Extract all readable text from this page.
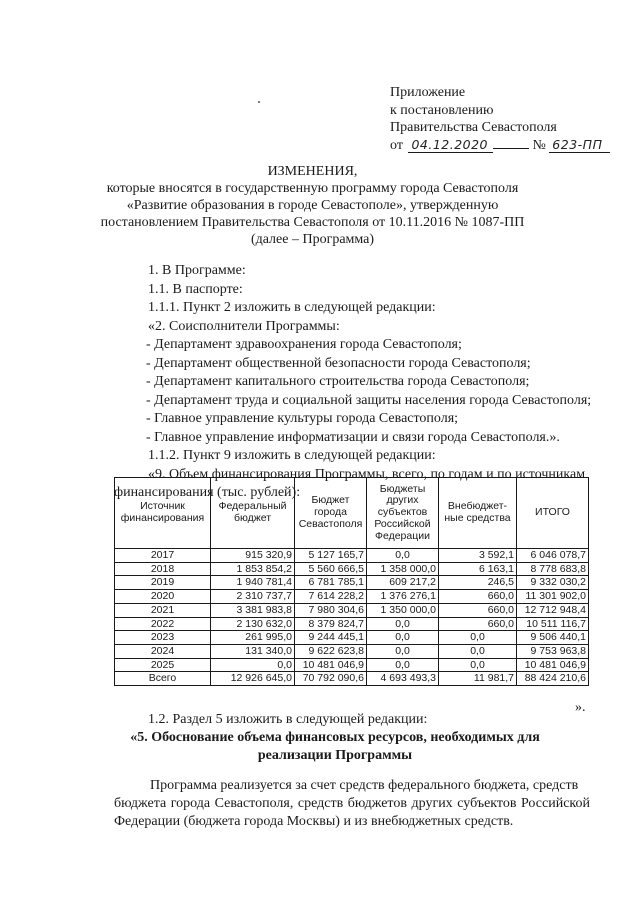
Приложение
к постановлению
Правительства Севастополя
от 04.12.2020	№ 623-ПП
ИЗМЕНЕНИЯ,
которые вносятся в государственную программу города Севастополя
«Развитие образования в городе Севастополе», утвержденную
постановлением Правительства Севастополя от 10.11.2016 № 1087-ПП
(далее – Программа)
1. В Программе:
1.1. В паспорте:
1.1.1. Пункт 2 изложить в следующей редакции:
«2. Соисполнители Программы:
- Департамент здравоохранения города Севастополя;
- Департамент общественной безопасности города Севастополя;
- Департамент капитального строительства города Севастополя;
- Департамент труда и социальной защиты населения города Севастополя;
- Главное управление культуры города Севастополя;
- Главное управление информатизации и связи города Севастополя.».
1.1.2. Пункт 9 изложить в следующей редакции:
«9. Объем финансирования Программы, всего, по годам и по источникам
финансирования (тыс. рублей):
Источник финансирования	Федеральный бюджет	Бюджет города Севастополя	Бюджеты других субъектов Российской Федерации	Внебюджет-ные средства	ИТОГО
2017	915 320,9	5 127 165,7	0,0	3 592,1	6 046 078,7
2018	1 853 854,2	5 560 666,5	1 358 000,0	6 163,1	8 778 683,8
2019	1 940 781,4	6 781 785,1	609 217,2	246,5	9 332 030,2
2020	2 310 737,7	7 614 228,2	1 376 276,1	660,0	11 301 902,0
2021	3 381 983,8	7 980 304,6	1 350 000,0	660,0	12 712 948,4
2022	2 130 632,0	8 379 824,7	0,0	660,0	10 511 116,7
2023	261 995,0	9 244 445,1	0,0	0,0	9 506 440,1
2024	131 340,0	9 622 623,8	0,0	0,0	9 753 963,8
2025	0,0	10 481 046,9	0,0	0,0	10 481 046,9
Всего	12 926 645,0	70 792 090,6	4 693 493,3	11 981,7	88 424 210,6
».
1.2. Раздел 5 изложить в следующей редакции:
«5. Обоснование объема финансовых ресурсов, необходимых для
реализации Программы
Программа реализуется за счет средств федерального бюджета, средств
бюджета города Севастополя, средств бюджетов других субъектов Российской Федерации (бюджета города Москвы) и из внебюджетных средств.
